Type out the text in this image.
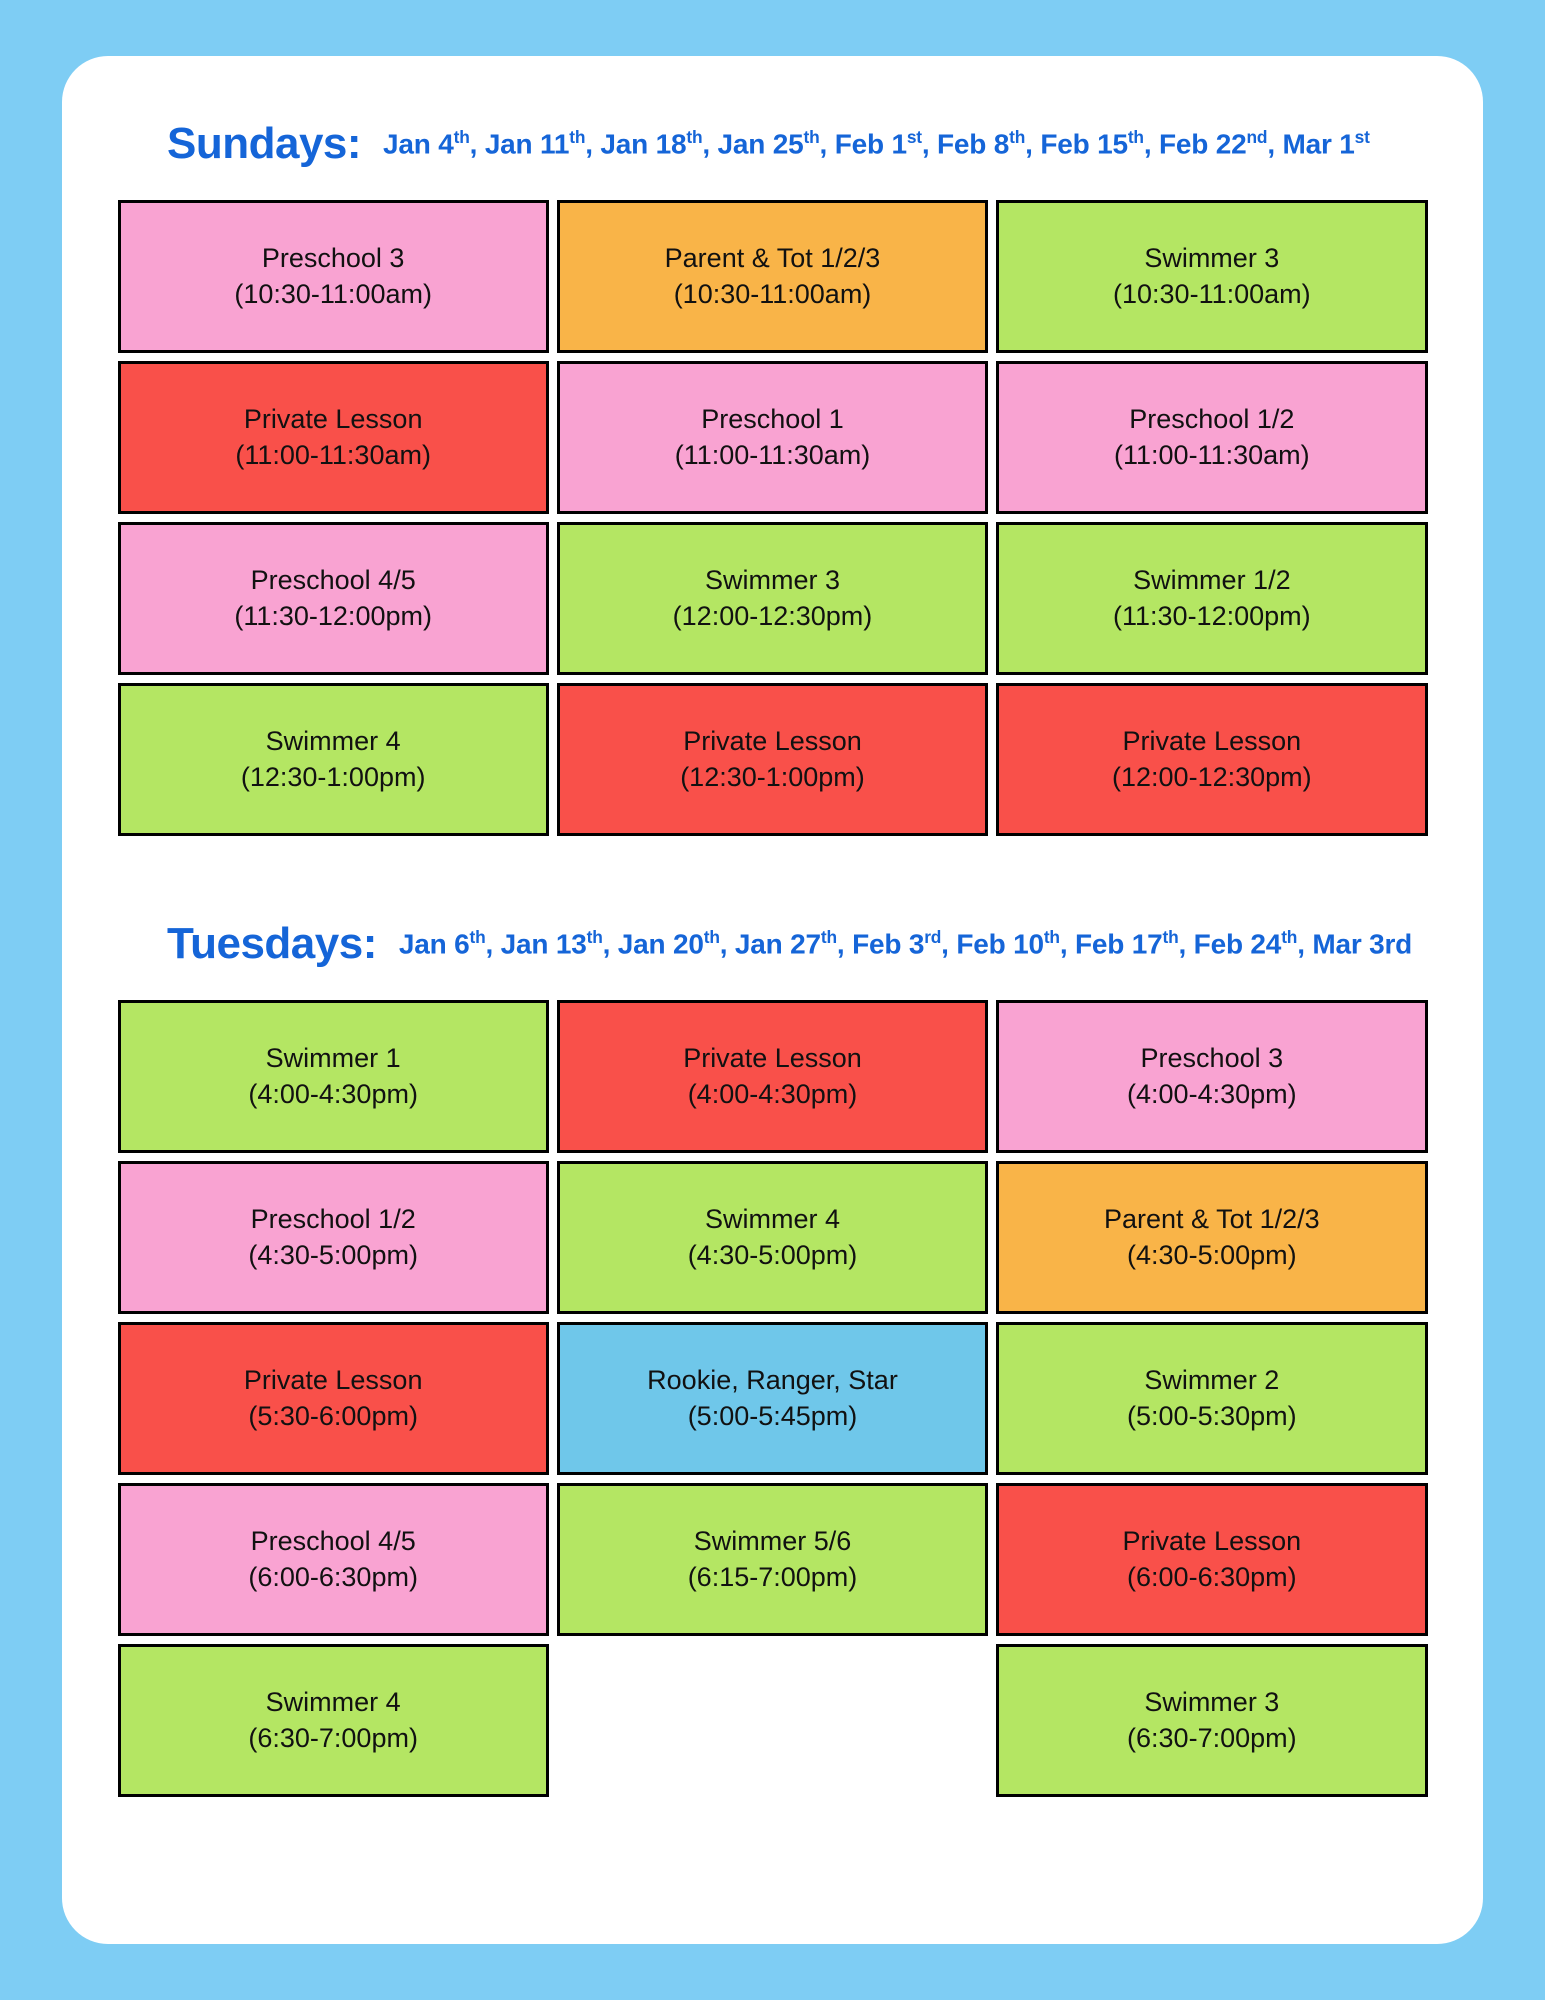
Sundays: Jan 4th, Jan 11th, Jan 18th, Jan 25th, Feb 1st, Feb 8th, Feb 15th, Feb 22nd, Mar 1st
Preschool 3
(10:30-11:00am)
Parent & Tot 1/2/3
(10:30-11:00am)
Swimmer 3
(10:30-11:00am)
Private Lesson
(11:00-11:30am)
Preschool 1
(11:00-11:30am)
Preschool 1/2
(11:00-11:30am)
Preschool 4/5
(11:30-12:00pm)
Swimmer 3
(12:00-12:30pm)
Swimmer 1/2
(11:30-12:00pm)
Swimmer 4
(12:30-1:00pm)
Private Lesson
(12:30-1:00pm)
Private Lesson
(12:00-12:30pm)
Tuesdays: Jan 6th, Jan 13th, Jan 20th, Jan 27th, Feb 3rd, Feb 10th, Feb 17th, Feb 24th, Mar 3rd
Swimmer 1
(4:00-4:30pm)
Private Lesson
(4:00-4:30pm)
Preschool 3
(4:00-4:30pm)
Preschool 1/2
(4:30-5:00pm)
Swimmer 4
(4:30-5:00pm)
Parent & Tot 1/2/3
(4:30-5:00pm)
Private Lesson
(5:30-6:00pm)
Rookie, Ranger, Star
(5:00-5:45pm)
Swimmer 2
(5:00-5:30pm)
Preschool 4/5
(6:00-6:30pm)
Swimmer 5/6
(6:15-7:00pm)
Private Lesson
(6:00-6:30pm)
Swimmer 4
(6:30-7:00pm)
Swimmer 3
(6:30-7:00pm)
